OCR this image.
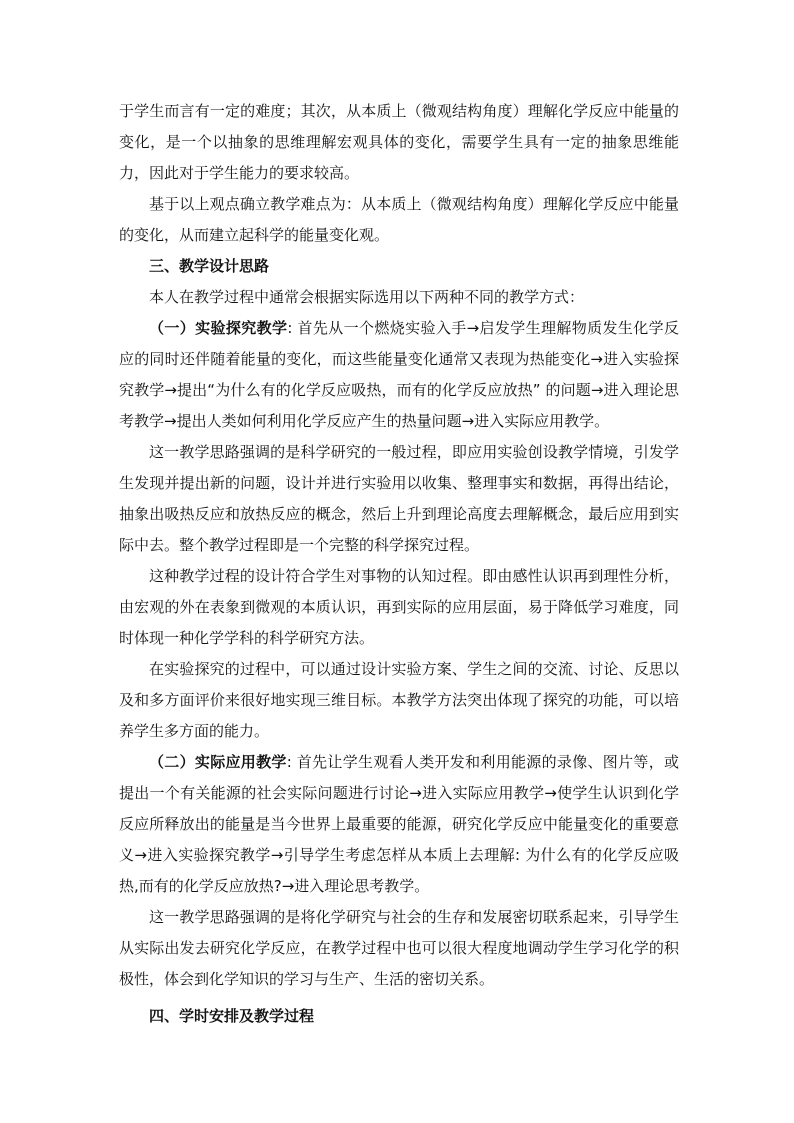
于学生而言有一定的难度；其次，从本质上（微观结构角度）理解化学反应中能量的变化，是一个以抽象的思维理解宏观具体的变化，需要学生具有一定的抽象思维能力，因此对于学生能力的要求较高。

基于以上观点确立教学难点为：从本质上（微观结构角度）理解化学反应中能量的变化，从而建立起科学的能量变化观。

三、教学设计思路

本人在教学过程中通常会根据实际选用以下两种不同的教学方式：

（一）实验探究教学: 首先从一个燃烧实验入手→启发学生理解物质发生化学反应的同时还伴随着能量的变化，而这些能量变化通常又表现为热能变化→进入实验探究教学→提出“为什么有的化学反应吸热，而有的化学反应放热” 的问题→进入理论思考教学→提出人类如何利用化学反应产生的热量问题→进入实际应用教学。

这一教学思路强调的是科学研究的一般过程，即应用实验创设教学情境，引发学生发现并提出新的问题，设计并进行实验用以收集、整理事实和数据，再得出结论，抽象出吸热反应和放热反应的概念，然后上升到理论高度去理解概念，最后应用到实际中去。整个教学过程即是一个完整的科学探究过程。

这种教学过程的设计符合学生对事物的认知过程。即由感性认识再到理性分析，由宏观的外在表象到微观的本质认识，再到实际的应用层面，易于降低学习难度，同时体现一种化学学科的科学研究方法。

在实验探究的过程中，可以通过设计实验方案、学生之间的交流、讨论、反思以及和多方面评价来很好地实现三维目标。本教学方法突出体现了探究的功能，可以培养学生多方面的能力。

（二）实际应用教学: 首先让学生观看人类开发和利用能源的录像、图片等，或提出一个有关能源的社会实际问题进行讨论→进入实际应用教学→使学生认识到化学反应所释放出的能量是当今世界上最重要的能源，研究化学反应中能量变化的重要意义→进入实验探究教学→引导学生考虑怎样从本质上去理解: 为什么有的化学反应吸热,而有的化学反应放热?→进入理论思考教学。

这一教学思路强调的是将化学研究与社会的生存和发展密切联系起来，引导学生从实际出发去研究化学反应，在教学过程中也可以很大程度地调动学生学习化学的积极性，体会到化学知识的学习与生产、生活的密切关系。

四、学时安排及教学过程
